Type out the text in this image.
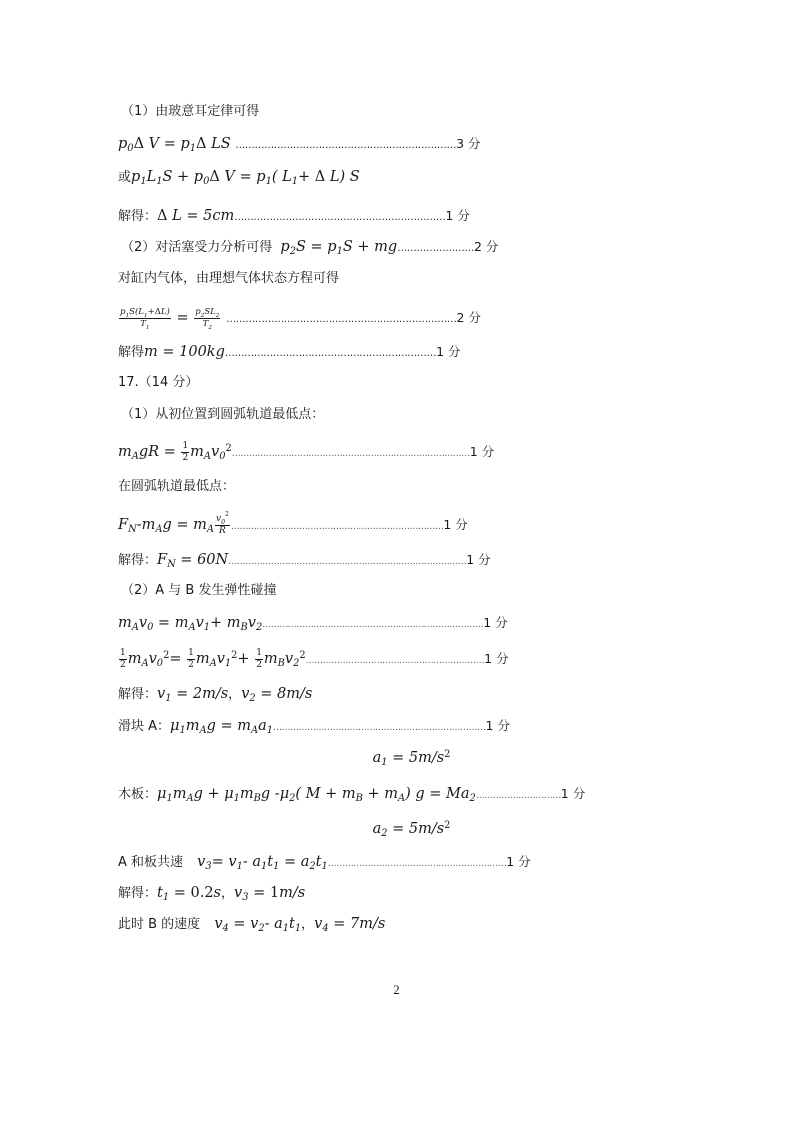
（1）由玻意耳定律可得
$p_0\Delta$ $V = p_1\Delta$ LS ……………………………………………………………3 分
或$p_1L_1S + p_0\Delta$ $V = p_1$( $L_1+ \Delta$ L) S
解得：Δ L = 5cm…………………………………………………………1 分
（2）对活塞受力分析可得 $p_2S = p_1S$ + mg……………………2 分
对缸内气体，由理想气体状态方程可得
$\frac{p_1S(L_1+\Delta L)}{T_1} = \frac{p_2SL_2}{T_2}$ ………………………………………………………………2 分
解得m = 100kg…………………………………………………………1 分
17.（14 分）
（1）从初位置到圆弧轨道最低点：
$m_AgR = \frac{1}{2}$ $m_Av_0^2\dots\dots\dots\dots\dots\dots\dots\dots\dots\dots\dots\dots\dots\dots\dots\dots\dots\dots\dots\dots\dots\dots\dots\dots\dots\dots\dots\dots 1$ 分
在圆弧轨道最低点：
$F_N-m_Ag = m_A \frac{v_0^2}{R}$ …………………………………………………………………1 分
解得：$F_N$ = 60N…………………………………………………………………………1 分
（2）A 与 B 发生弹性碰撞
$m_Av_0 = m_Av_1+$ $m_Bv_2\dots\dots\dots\dots\dots\dots\dots\dots\dots\dots\dots\dots\dots\dots\dots\dots\dots\dots\dots\dots\dots\dots\dots\dots\dots\dots 1$ 分
$\frac{1}{2} m_Av_0^2= \frac{1}{2} m_Av_1^2+ \frac{1}{2}$ $m_Bv_2^2\dots\dots\dots\dots\dots\dots\dots\dots\dots\dots\dots\dots\dots\dots\dots\dots\dots\dots\dots\dots\dots 1$ 分
解得：$v_1 = 2m/s$，$v_2 = 8m/s$
滑块 A：$\mu_1m_Ag$ = $m_Aa_1\dots\dots\dots\dots\dots\dots\dots\dots\dots\dots\dots\dots\dots\dots\dots\dots\dots\dots\dots\dots\dots\dots\dots\dots\dots 1$ 分
$a_1 = 5m/s^2$
木板：$\mu_1m_Ag + \mu_1m_Bg$ $-\mu_2$( $M + m_B + m_A$) $g = Ma_2\dots\dots\dots\dots\dots\dots\dots\dots\dots\dots 1$ 分
$a_2 = 5m/s^2$
A 和板共速 $v_3= v_1-$ $a_1t_1$ = $a_2t_1\dots\dots\dots\dots\dots\dots\dots\dots\dots\dots\dots\dots\dots\dots\dots\dots\dots\dots\dots\dots\dots 1$ 分
解得：$t_1 = 0.2s$，$v_3 = 1m/s$
此时 B 的速度 $v_4 = v_2-$ $a_1t_1$，$v_4 = 7m/s$
2
